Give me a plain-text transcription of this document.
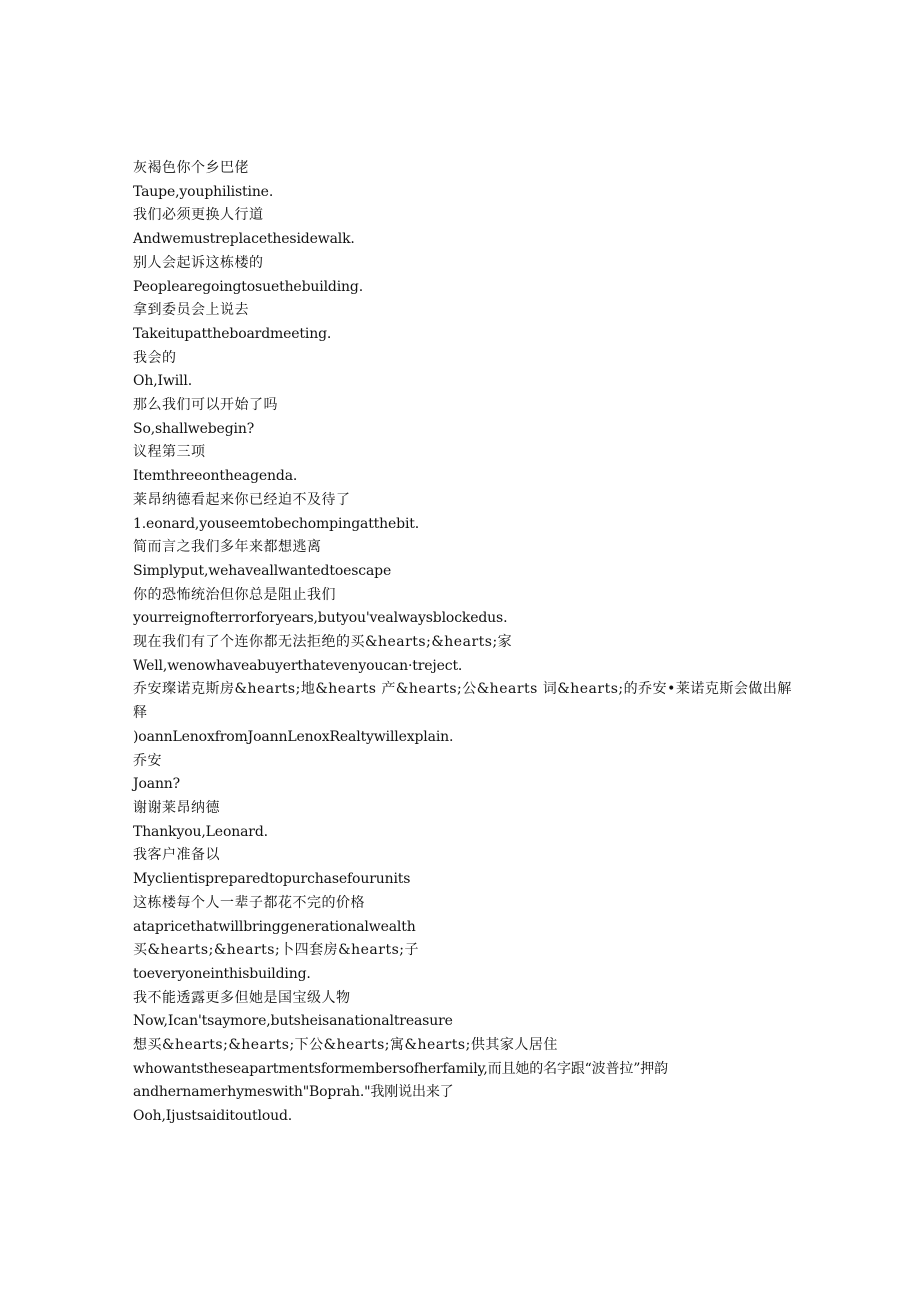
灰褐色你个乡巴佬
Taupe,youphilistine.
我们必须更换人行道
Andwemustreplacethesidewalk.
别人会起诉这栋楼的
Peoplearegoingtosuethebuilding.
拿到委员会上说去
Takeitupattheboardmeeting.
我会的
Oh,Iwill.
那么我们可以开始了吗
So,shallwebegin?
议程第三项
Itemthreeontheagenda.
莱昂纳德看起来你已经迫不及待了
1.eonard,youseemtobechompingatthebit.
简而言之我们多年来都想逃离
Simplyput,wehaveallwantedtoescape
你的恐怖统治但你总是阻止我们
yourreignofterrorforyears,butyou'vealwaysblockedus.
现在我们有了个连你都无法拒绝的买&hearts;&hearts;家
Well,wenowhaveabuyerthatevenyoucan·treject.
乔安璨诺克斯房&hearts;地&hearts 产&hearts;公&hearts 词&hearts;的乔安•莱诺克斯会做出解释
)oannLenoxfromJoannLenoxRealtywillexplain.
乔安
Joann?
谢谢莱昂纳德
Thankyou,Leonard.
我客户准备以
Myclientispreparedtopurchasefourunits
这栋楼每个人一辈子都花不完的价格
atapricethatwillbringgenerationalwealth
买&hearts;&hearts;卜四套房&hearts;子
toeveryoneinthisbuilding.
我不能透露更多但她是国宝级人物
Now,Ican'tsaymore,butsheisanationaltreasure
想买&hearts;&hearts;下公&hearts;寓&hearts;供其家人居住
whowantstheseapartmentsformembersofherfamily,而且她的名字跟“波普拉”押韵
andhernamerhymeswith"Boprah."我刚说出来了
Ooh,Ijustsaiditoutloud.
